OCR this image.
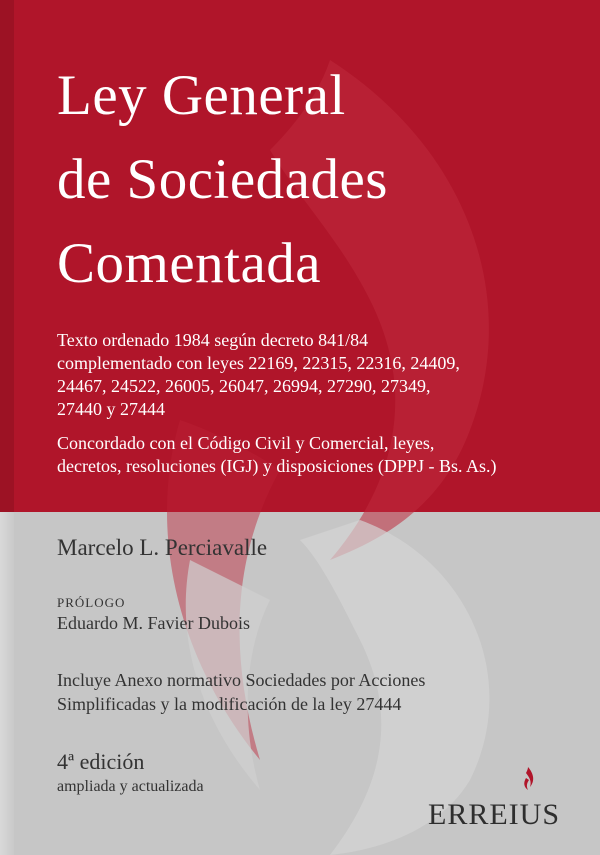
Ley General
de Sociedades
Comentada
Texto ordenado 1984 según decreto 841/84
complementado con leyes 22169, 22315, 22316, 24409,
24467, 24522, 26005, 26047, 26994, 27290, 27349,
27440 y 27444
Concordado con el Código Civil y Comercial, leyes,
decretos, resoluciones (IGJ) y disposiciones (DPPJ - Bs. As.)
Marcelo L. Perciavalle
PRÓLOGO
Eduardo M. Favier Dubois
Incluye Anexo normativo Sociedades por Acciones
Simplificadas y la modificación de la ley 27444
4ª edición
ampliada y actualizada
ERREIUS
